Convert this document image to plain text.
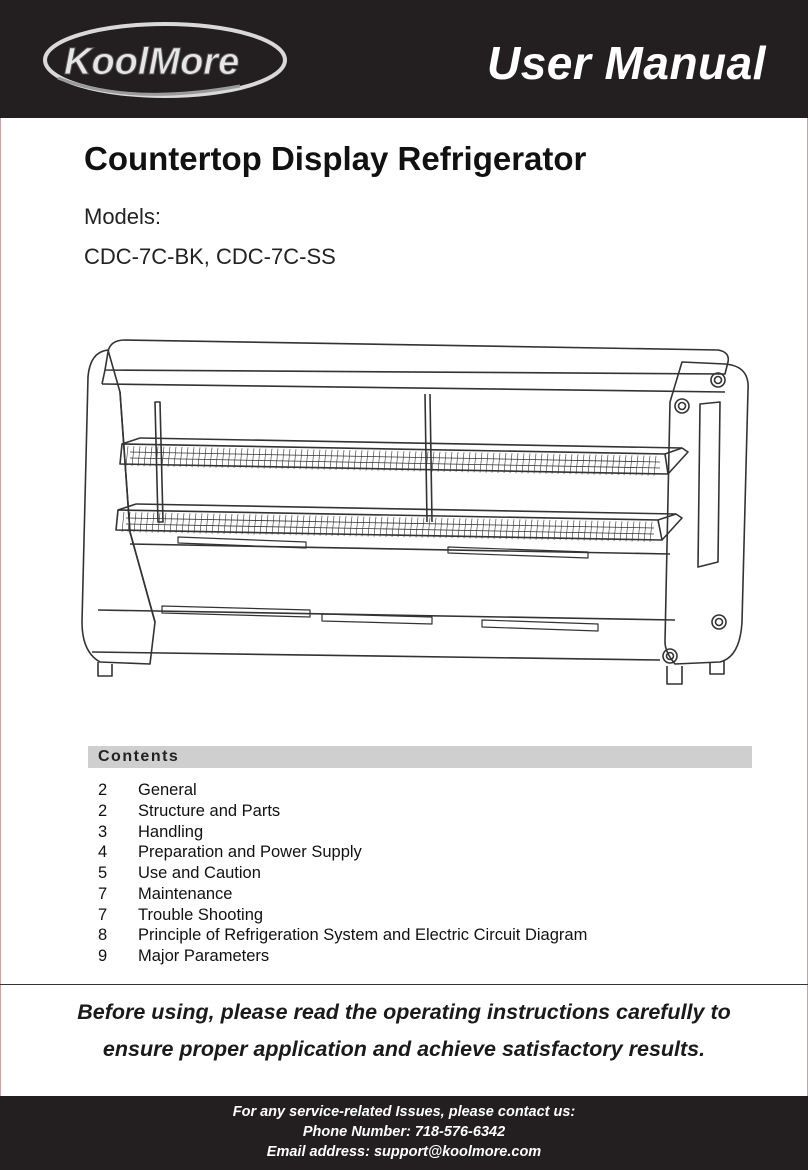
KoolMore	User Manual
Countertop Display Refrigerator
Models:
CDC-7C-BK, CDC-7C-SS
Contents
2 General
2 Structure and Parts
3 Handling
4 Preparation and Power Supply
5 Use and Caution
7 Maintenance
7 Trouble Shooting
8 Principle of Refrigeration System and Electric Circuit Diagram
9 Major Parameters
Before using, please read the operating instructions carefully to
ensure proper application and achieve satisfactory results.
For any service-related Issues, please contact us:
Phone Number: 718-576-6342
Email address: support@koolmore.com
